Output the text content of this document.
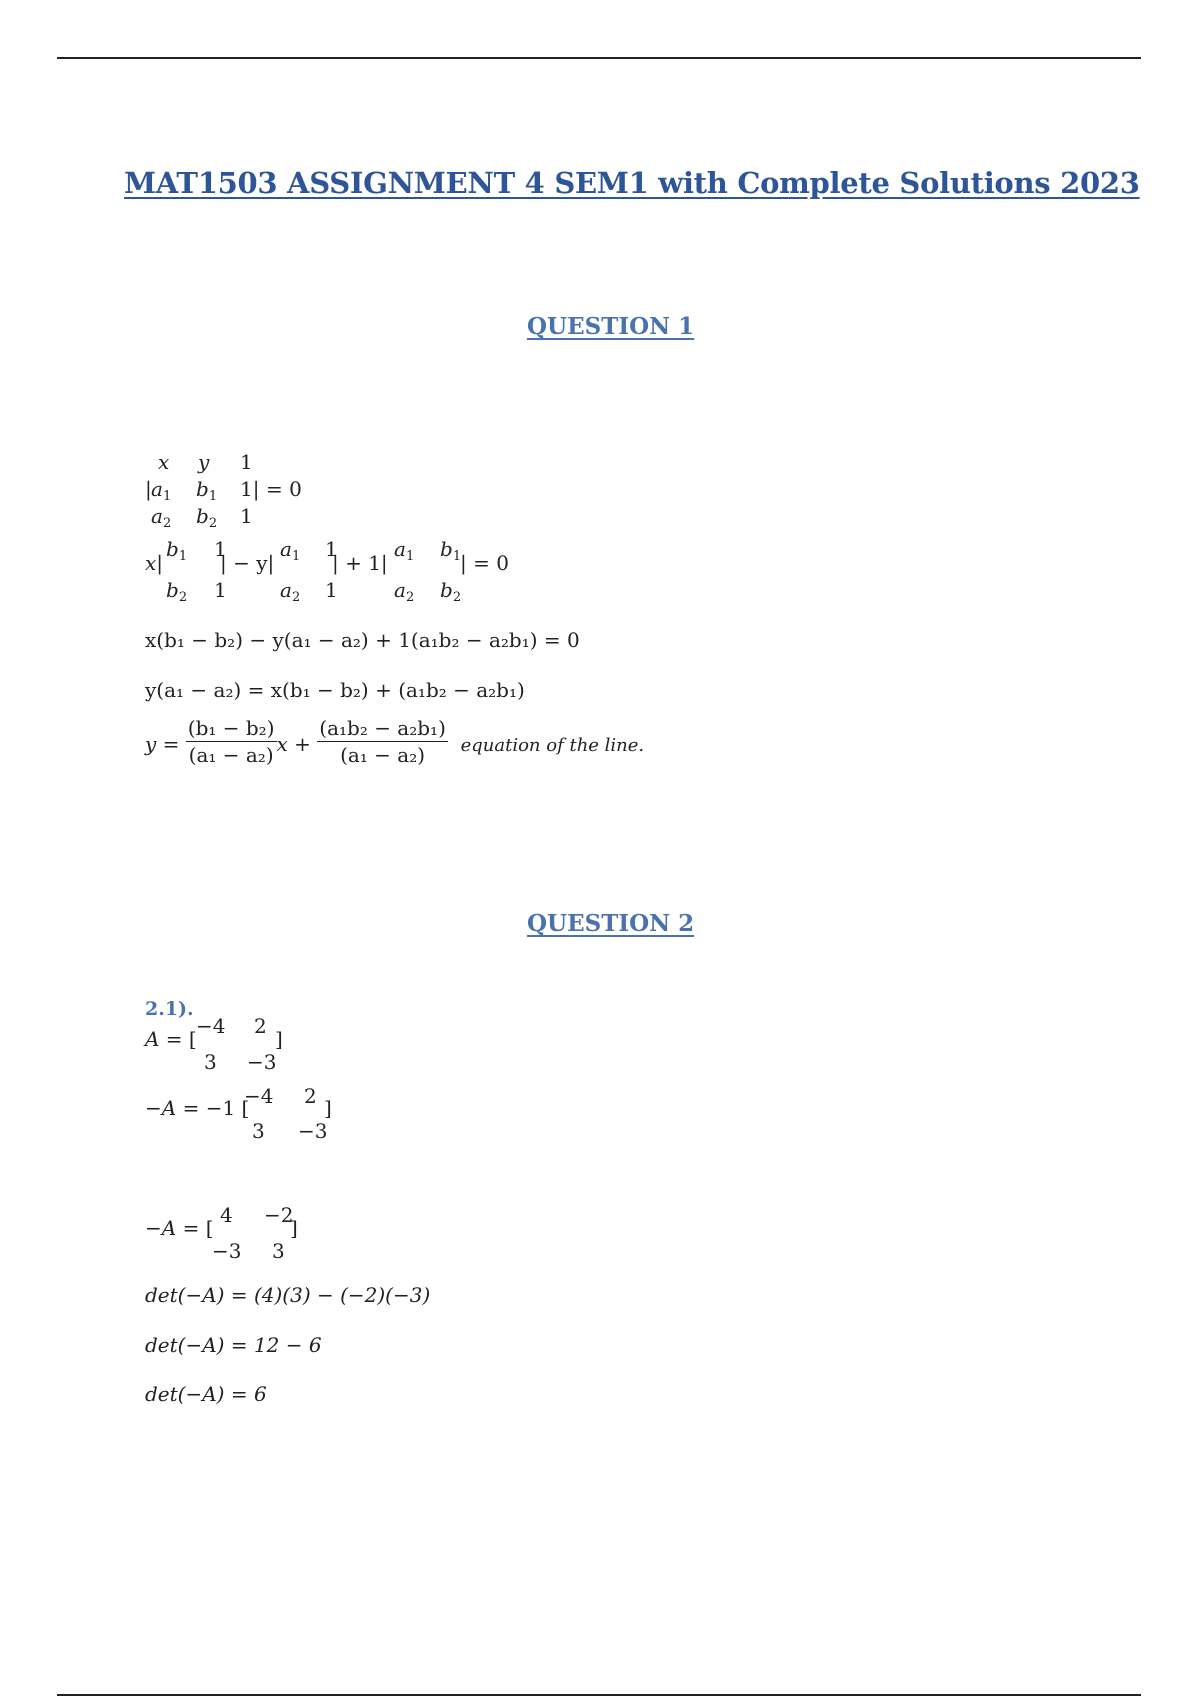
MAT1503 ASSIGNMENT 4 SEM1 with Complete Solutions 2023
QUESTION 1
x y 1
| $a_1$ $b_1$ 1| = 0
$a_2$ $b_2$ 1
x|
$b_1$ 1
$b_2$ 1
| − y|
$a_1$ 1
$a_2$ 1
| + 1|
$a_1$ $b_1$
$a_2$ $b_2$
| = 0
x(b₁ − b₂) − y(a₁ − a₂) + 1(a₁b₂ − a₂b₁) = 0
y(a₁ − a₂) = x(b₁ − b₂) + (a₁b₂ − a₂b₁)
$y = \frac{\text{(b₁ − b₂)}}{\text{(a₁ − a₂)}}$ $x + \frac{\text{(a₁b₂ − a₂b₁)}}{\text{(a₁ − a₂)}}$ equation of the line.
QUESTION 2
2.1).
A = [
−4 2
3 −3
]
−A = −1 [
−4 2
3 −3
]
−A = [
4 −2
−3 3
]
det(−A) = (4)(3) − (−2)(−3)
det(−A) = 12 − 6
det(−A) = 6
